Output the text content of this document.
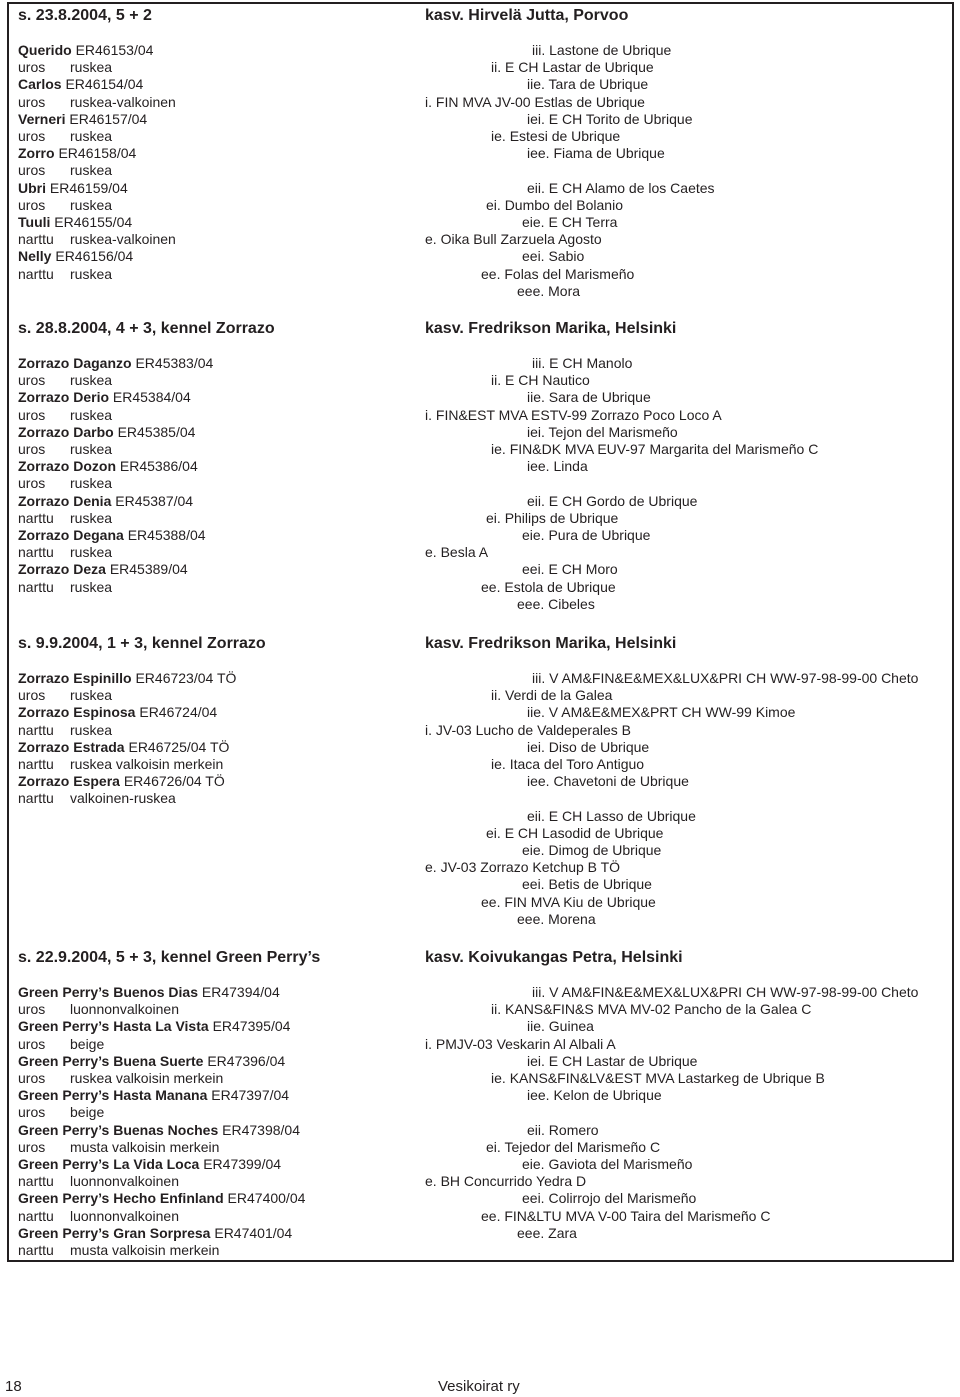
s. 23.8.2004, 5 + 2	kasv. Hirvelä Jutta, Porvoo
Querido ER46153/04
uros ruskea
Carlos ER46154/04
uros ruskea-valkoinen
Verneri ER46157/04
uros ruskea
Zorro ER46158/04
uros ruskea
Ubri ER46159/04
uros ruskea
Tuuli ER46155/04
narttu ruskea-valkoinen
Nelly ER46156/04
narttu ruskea
iii. Lastone de Ubrique
ii. E CH Lastar de Ubrique
iie. Tara de Ubrique
i. FIN MVA JV-00 Estlas de Ubrique
iei. E CH Torito de Ubrique
ie. Estesi de Ubrique
iee. Fiama de Ubrique
eii. E CH Alamo de los Caetes
ei. Dumbo del Bolanio
eie. E CH Terra
e. Oika Bull Zarzuela Agosto
eei. Sabio
ee. Folas del Marismeño
eee. Mora
s. 28.8.2004, 4 + 3, kennel Zorrazo	kasv. Fredrikson Marika, Helsinki
Zorrazo Daganzo ER45383/04
uros ruskea
Zorrazo Derio ER45384/04
uros ruskea
Zorrazo Darbo ER45385/04
uros ruskea
Zorrazo Dozon ER45386/04
uros ruskea
Zorrazo Denia ER45387/04
narttu ruskea
Zorrazo Degana ER45388/04
narttu ruskea
Zorrazo Deza ER45389/04
narttu ruskea
iii. E CH Manolo
ii. E CH Nautico
iie. Sara de Ubrique
i. FIN&EST MVA ESTV-99 Zorrazo Poco Loco A
iei. Tejon del Marismeño
ie. FIN&DK MVA EUV-97 Margarita del Marismeño C
iee. Linda
eii. E CH Gordo de Ubrique
ei. Philips de Ubrique
eie. Pura de Ubrique
e. Besla A
eei. E CH Moro
ee. Estola de Ubrique
eee. Cibeles
s. 9.9.2004, 1 + 3, kennel Zorrazo	kasv. Fredrikson Marika, Helsinki
Zorrazo Espinillo ER46723/04 TÖ
uros ruskea
Zorrazo Espinosa ER46724/04
narttu ruskea
Zorrazo Estrada ER46725/04 TÖ
narttu ruskea valkoisin merkein
Zorrazo Espera ER46726/04 TÖ
narttu valkoinen-ruskea
iii. V AM&FIN&E&MEX&LUX&PRI CH WW-97-98-99-00 Cheto
ii. Verdi de la Galea
iie. V AM&E&MEX&PRT CH WW-99 Kimoe
i. JV-03 Lucho de Valdeperales B
iei. Diso de Ubrique
ie. Itaca del Toro Antiguo
iee. Chavetoni de Ubrique
eii. E CH Lasso de Ubrique
ei. E CH Lasodid de Ubrique
eie. Dimog de Ubrique
e. JV-03 Zorrazo Ketchup B TÖ
eei. Betis de Ubrique
ee. FIN MVA Kiu de Ubrique
eee. Morena
s. 22.9.2004, 5 + 3, kennel Green Perry’s	kasv. Koivukangas Petra, Helsinki
Green Perry’s Buenos Dias ER47394/04
uros luonnonvalkoinen
Green Perry’s Hasta La Vista ER47395/04
uros beige
Green Perry’s Buena Suerte ER47396/04
uros ruskea valkoisin merkein
Green Perry’s Hasta Manana ER47397/04
uros beige
Green Perry’s Buenas Noches ER47398/04
uros musta valkoisin merkein
Green Perry’s La Vida Loca ER47399/04
narttu luonnonvalkoinen
Green Perry’s Hecho Enfinland ER47400/04
narttu luonnonvalkoinen
Green Perry’s Gran Sorpresa ER47401/04
narttu musta valkoisin merkein
iii. V AM&FIN&E&MEX&LUX&PRI CH WW-97-98-99-00 Cheto
ii. KANS&FIN&S MVA MV-02 Pancho de la Galea C
iie. Guinea
i. PMJV-03 Veskarin Al Albali A
iei. E CH Lastar de Ubrique
ie. KANS&FIN&LV&EST MVA Lastarkeg de Ubrique B
iee. Kelon de Ubrique
eii. Romero
ei. Tejedor del Marismeño C
eie. Gaviota del Marismeño
e. BH Concurrido Yedra D
eei. Colirrojo del Marismeño
ee. FIN&LTU MVA V-00 Taira del Marismeño C
eee. Zara
18	Vesikoirat ry
